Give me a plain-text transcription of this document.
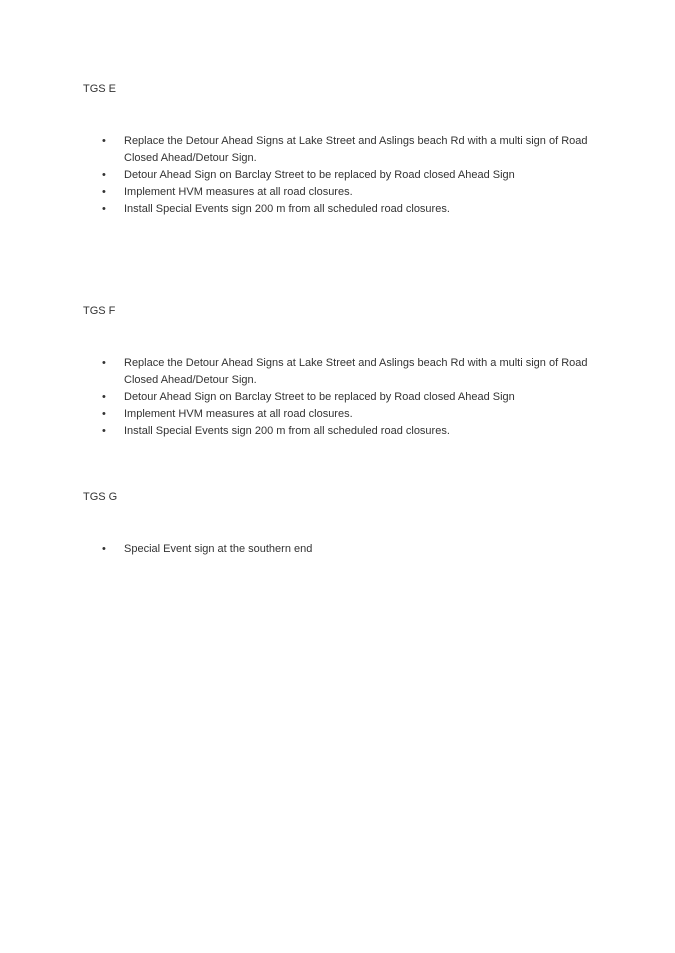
TGS E
• Replace the Detour Ahead Signs at Lake Street and Aslings beach Rd with a multi sign of Road Closed Ahead/Detour Sign.
• Detour Ahead Sign on Barclay Street to be replaced by Road closed Ahead Sign
• Implement HVM measures at all road closures.
• Install Special Events sign 200 m from all scheduled road closures.
TGS F
• Replace the Detour Ahead Signs at Lake Street and Aslings beach Rd with a multi sign of Road Closed Ahead/Detour Sign.
• Detour Ahead Sign on Barclay Street to be replaced by Road closed Ahead Sign
• Implement HVM measures at all road closures.
• Install Special Events sign 200 m from all scheduled road closures.
TGS G
• Special Event sign at the southern end
